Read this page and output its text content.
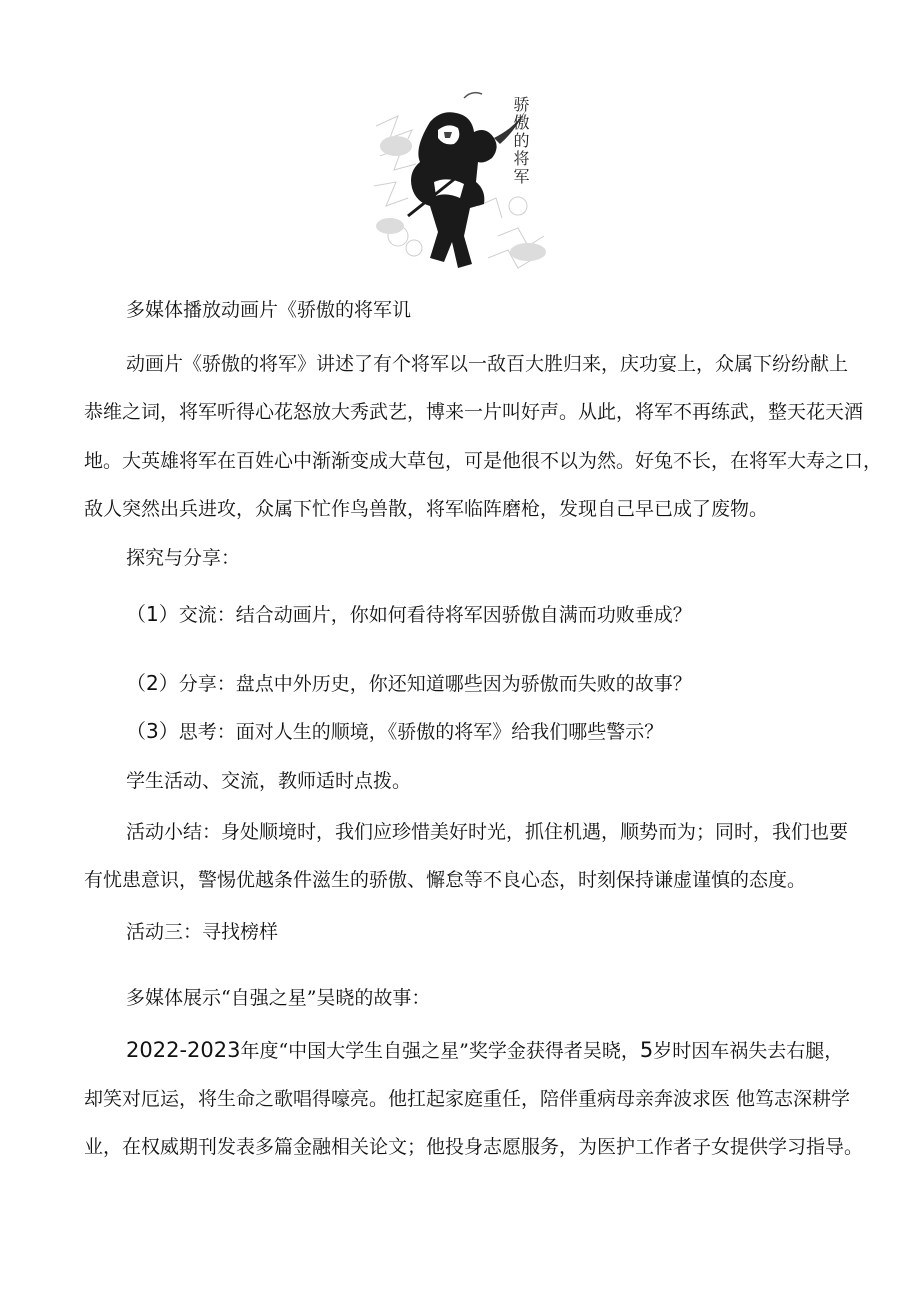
骄傲的将军
多媒体播放动画片《骄傲的将军讥
动画片《骄傲的将军》讲述了有个将军以一敌百大胜归来，庆功宴上，众属下纷纷献上
恭维之词，将军听得心花怒放大秀武艺，博来一片叫好声。从此，将军不再练武，整天花天酒
地。大英雄将军在百姓心中渐渐变成大草包，可是他很不以为然。好兔不长，在将军大寿之口，
敌人突然出兵进攻，众属下忙作鸟兽散，将军临阵磨枪，发现自己早已成了废物。
探究与分享：
（1）交流：结合动画片，你如何看待将军因骄傲自满而功败垂成？
（2）分享：盘点中外历史，你还知道哪些因为骄傲而失败的故事？
（3）思考：面对人生的顺境，《骄傲的将军》给我们哪些警示？
学生活动、交流，教师适时点拨。
活动小结：身处顺境时，我们应珍惜美好时光，抓住机遇，顺势而为；同时，我们也要
有忧患意识，警惕优越条件滋生的骄傲、懈怠等不良心态，时刻保持谦虚谨慎的态度。
活动三：寻找榜样
多媒体展示“自强之星”吴晓的故事：
2022-2023年度“中国大学生自强之星”奖学金获得者吴晓，5岁时因车祸失去右腿，
却笑对厄运，将生命之歌唱得嚎亮。他扛起家庭重任，陪伴重病母亲奔波求医 他笃志深耕学
业，在权威期刊发表多篇金融相关论文；他投身志愿服务，为医护工作者子女提供学习指导。
